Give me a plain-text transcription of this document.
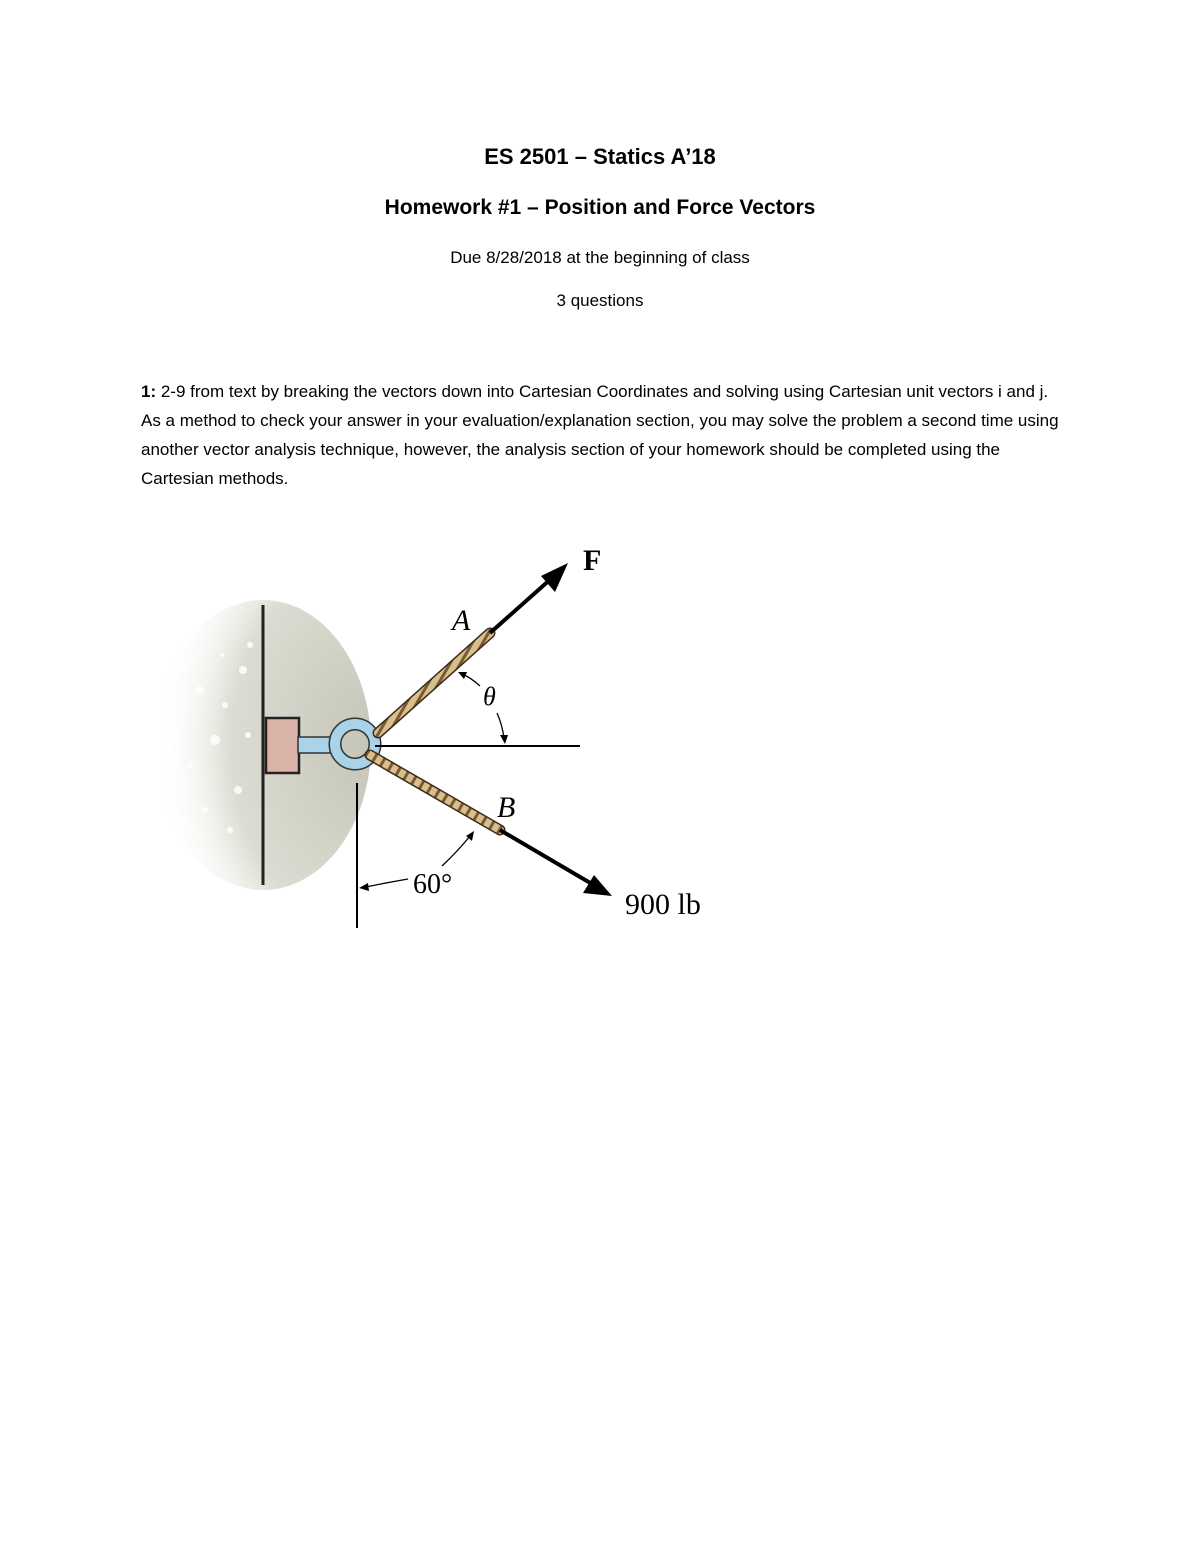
ES 2501 – Statics A’18
Homework #1 – Position and Force Vectors
Due 8/28/2018 at the beginning of class
3 questions
1: 2-9 from text by breaking the vectors down into Cartesian Coordinates and solving using Cartesian unit vectors i and j. As a method to check your answer in your evaluation/explanation section, you may solve the problem a second time using another vector analysis technique, however, the analysis section of your homework should be completed using the Cartesian methods.
F
A
θ
B
60°
900 lb
